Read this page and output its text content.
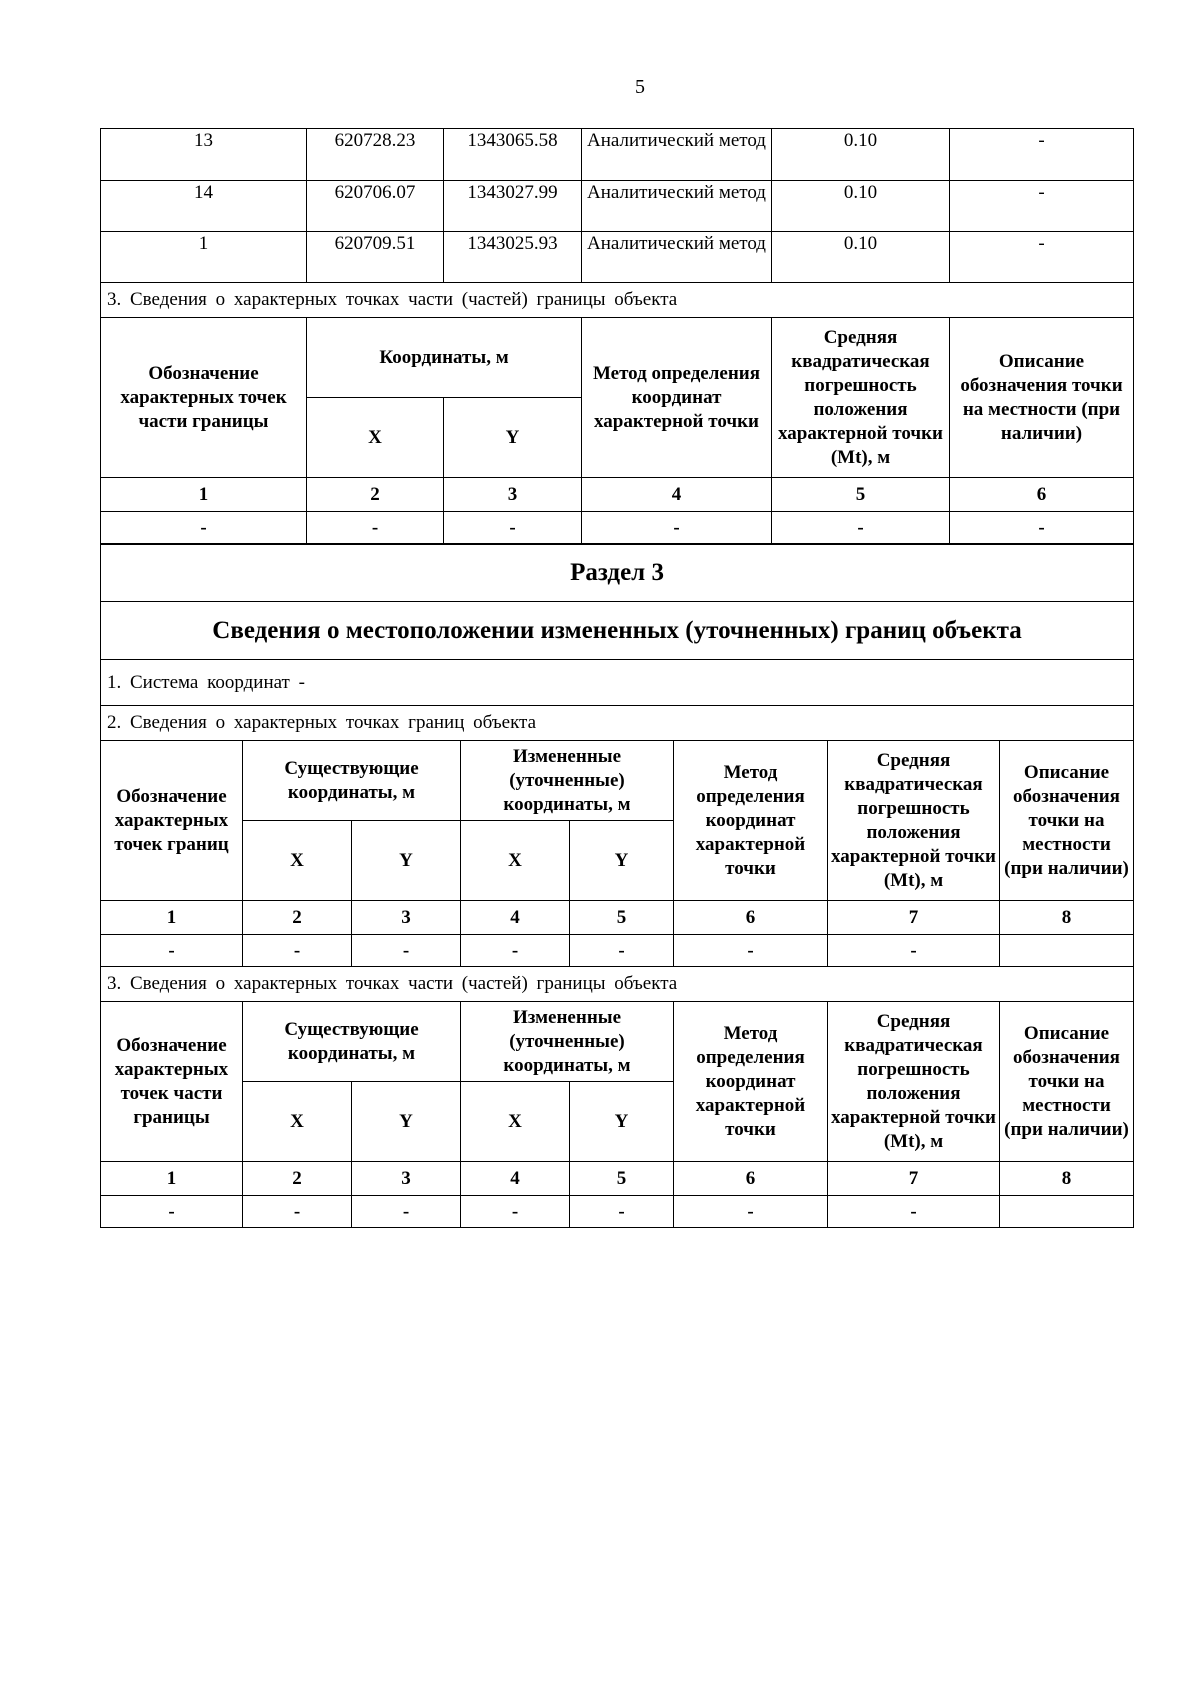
5
13	620728.23	1343065.58	Аналитический метод	0.10	-
14	620706.07	1343027.99	Аналитический метод	0.10	-
1	620709.51	1343025.93	Аналитический метод	0.10	-
3. Сведения о характерных точках части (частей) границы объекта					
Обозначение характерных точек части границы	Координаты, м		Метод определения координат характерной точки	Средняя квадратическая погрешность положения характерной точки (Mt), м	Описание обозначения точки на местности (при наличии)
	X	Y			
1	2	3	4	5	6
-	-	-	-	-	-
Раздел 3							
Сведения о местоположении измененных (уточненных) границ объекта							
1. Система координат -							
2. Сведения о характерных точках границ объекта							
Обозначение характерных точек границ	Существующие координаты, м		Измененные (уточненные) координаты, м		Метод определения координат характерной точки	Средняя квадратическая погрешность положения характерной точки (Mt), м	Описание обозначения точки на местности (при наличии)
	X	Y	X	Y			
1	2	3	4	5	6	7	8
-	-	-	-	-	-	-	
3. Сведения о характерных точках части (частей) границы объекта							
Обозначение характерных точек части границы	Существующие координаты, м		Измененные (уточненные) координаты, м		Метод определения координат характерной точки	Средняя квадратическая погрешность положения характерной точки (Mt), м	Описание обозначения точки на местности (при наличии)
	X	Y	X	Y			
1	2	3	4	5	6	7	8
-	-	-	-	-	-	-	
